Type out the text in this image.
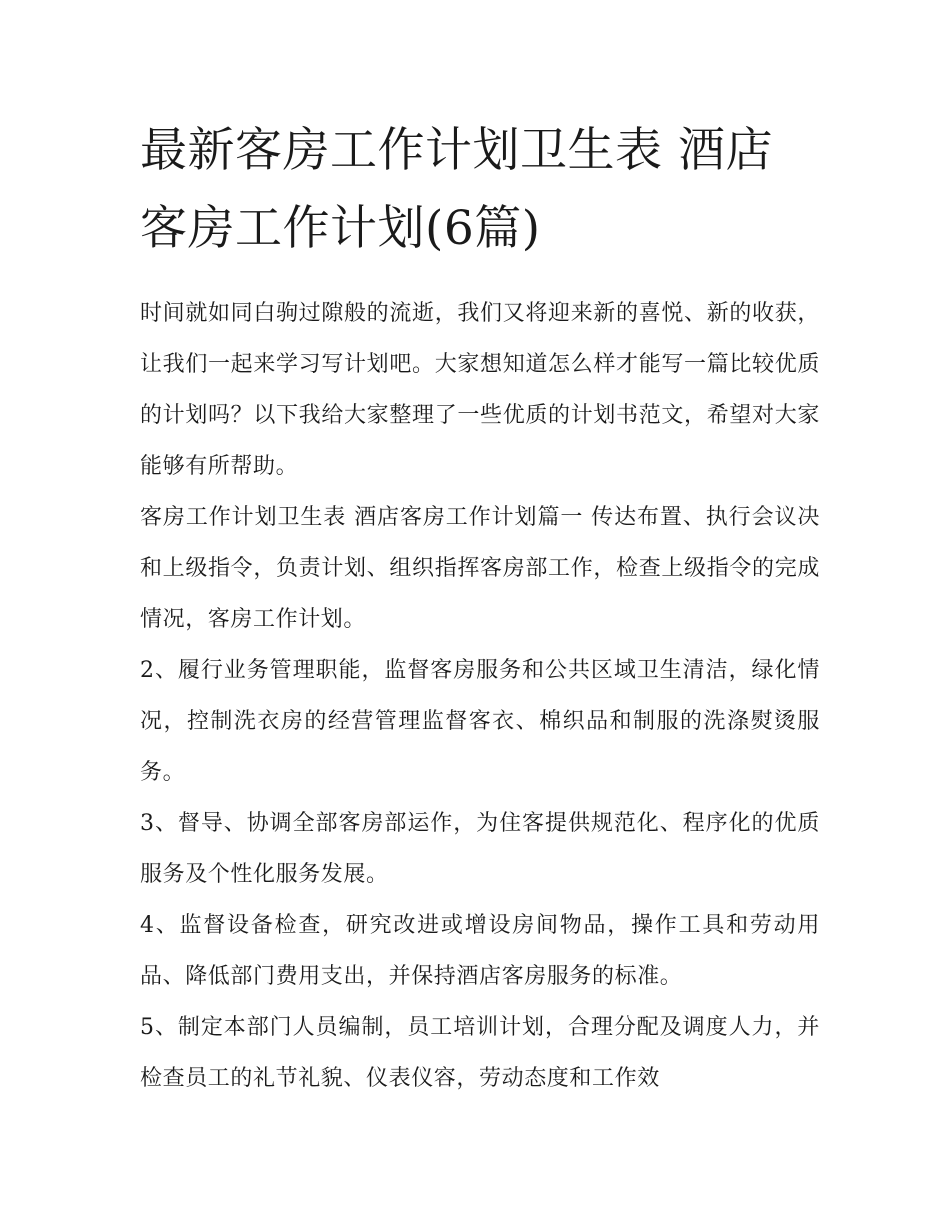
最新客房工作计划卫生表 酒店客房工作计划(6篇)

时间就如同白驹过隙般的流逝，我们又将迎来新的喜悦、新的收获，让我们一起来学习写计划吧。大家想知道怎么样才能写一篇比较优质的计划吗？以下我给大家整理了一些优质的计划书范文，希望对大家能够有所帮助。

客房工作计划卫生表 酒店客房工作计划篇一 传达布置、执行会议决和上级指令，负责计划、组织指挥客房部工作，检查上级指令的完成情况，客房工作计划。

2、履行业务管理职能，监督客房服务和公共区域卫生清洁，绿化情况，控制洗衣房的经营管理监督客衣、棉织品和制服的洗涤熨烫服务。

3、督导、协调全部客房部运作，为住客提供规范化、程序化的优质服务及个性化服务发展。

4、监督设备检查，研究改进或增设房间物品，操作工具和劳动用品、降低部门费用支出，并保持酒店客房服务的标准。

5、制定本部门人员编制，员工培训计划，合理分配及调度人力，并检查员工的礼节礼貌、仪表仪容，劳动态度和工作效
